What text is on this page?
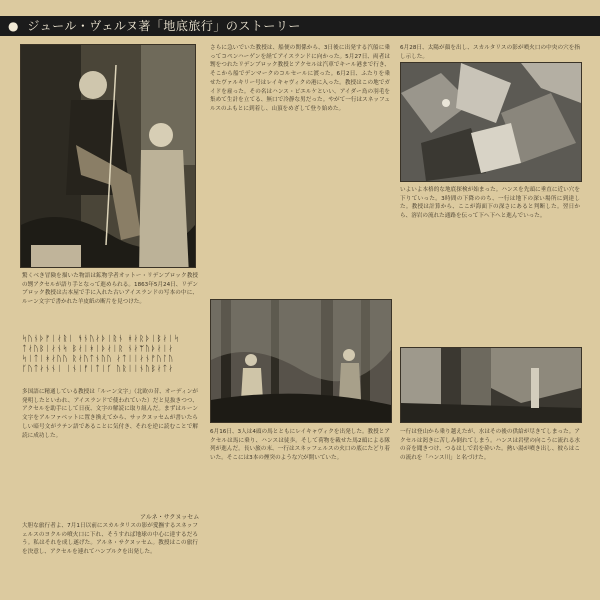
● ジュール・ヴェルヌ著「地底旅行」のストーリー

驚くべき冒険を描いた物語は鉱物学者オットー・リデンブロック教授の甥アクセルが語り手となって進められる。1863年5月24日、リデンブロック教授は古本屋で手に入れた古いアイスランドの写本の中に、ルーン文字で書かれた羊皮紙の断片を見つけた。

ᛋᚢᚾᚦᚠᛁᛅᚱᛁ ᚬᚾᚢᛅᚦᛁᚱᚾ ᚼᛅᚱᚦᛁᛒᛅᛁᛋ
ᛏᛅᚢᛒᛁᛅᚾᛋ ᛒᛅᛁᚼᛁᚦᛅᛁᚱ ᚾᛅᛘᚢᚦᛅᛁᛅ
ᛋᛁᛏᛁᚼᛅᚢᚢ ᚱᛅᚢᛏᚾᚢᚢ ᛅᛏᛁᛁᛅᚾᚠᚢᛚᚢ
ᚴᚢᛏᛅᚾᚾᛁ ᛁᚾᛁᚠᛁᛏᛁᚴ ᚢᚱᛁᛁᚾᚢᛒᛅᛏᛅ

多国語に精通している教授は「ルーン文字」（北欧の昔、オーディンが発明したといわれ、アイスランドで使われていた）だと見抜きつつ、アクセルを助手にして日夜、文字の解読に取り組んだ。まずはルーン文字をアルファベットに置き換えてから、サックヌッセムが書いたらしい暗号文がラテン語であることに気付き、それを逆に読むことで解読に成功した。

アルネ・サクヌッセム

大胆な旅行者よ、7月1日以前にスカルタリスの影が愛撫するスネッフェルスのヨクルの噴火口に下れ、そうすれば地球の中心に達するだろう。私はそれを成し遂げた。アルネ・サクヌッセム。教授はこの旅行を決意し、アクセルを連れてハンブルクを出発した。

さらに急いでいた教授は、船便の関係から、3日後に出発する汽船に乗ってコペンハーゲンを経てアイスランドに向かった。5月27日、両者は甥をつれたリデンブロック教授とアクセルは汽車でキール港まで行き、そこから船でデンマークのコルセールに渡った。6月2日、ふたりを乗せたヴァルキリー号はレイキャヴィクの港に入った。教授はこの地でガイドを雇った。その名はハンス・ビエルケといい、アイダー鳥の羽毛を集めて生計を立てる、無口で冷静な男だった。やがて一行はスネッフェルスのふもとに到着し、山頂をめざして登り始めた。

6月16日、3人は4頭の馬とともにレイキャヴィクを出発した。教授とアクセルは馬に乗り、ハンスは徒歩。そして荷物を載せた馬2頭による隊列が進んだ。長い旅の末、一行はスネッフェルスの火口の底にたどり着いた。そこには3本の煙突のような穴が開いていた。

6月28日、太陽が顔を出し、スカルタリスの影が噴火口の中央の穴を指し示した。

いよいよ本格的な地底探検が始まった。ハンスを先頭に垂直に近い穴を下りていった。3時間の下降ののち、一行は地下の深い場所に到達した。教授は計算から、ここが海面下の深さにあると判断した。翌日から、溶岩の流れた通路を伝って下へ下へと進んでいった。

一行は登山から乗り越えたが、水はその後の供給が尽きてしまった。アクセルは渇きに苦しみ倒れてしまう。ハンスは岩壁の向こうに流れる水の音を聞きつけ、つるはしで岩を砕いた。熱い湯が噴き出し、彼らはこの流れを「ハンス川」と名づけた。
